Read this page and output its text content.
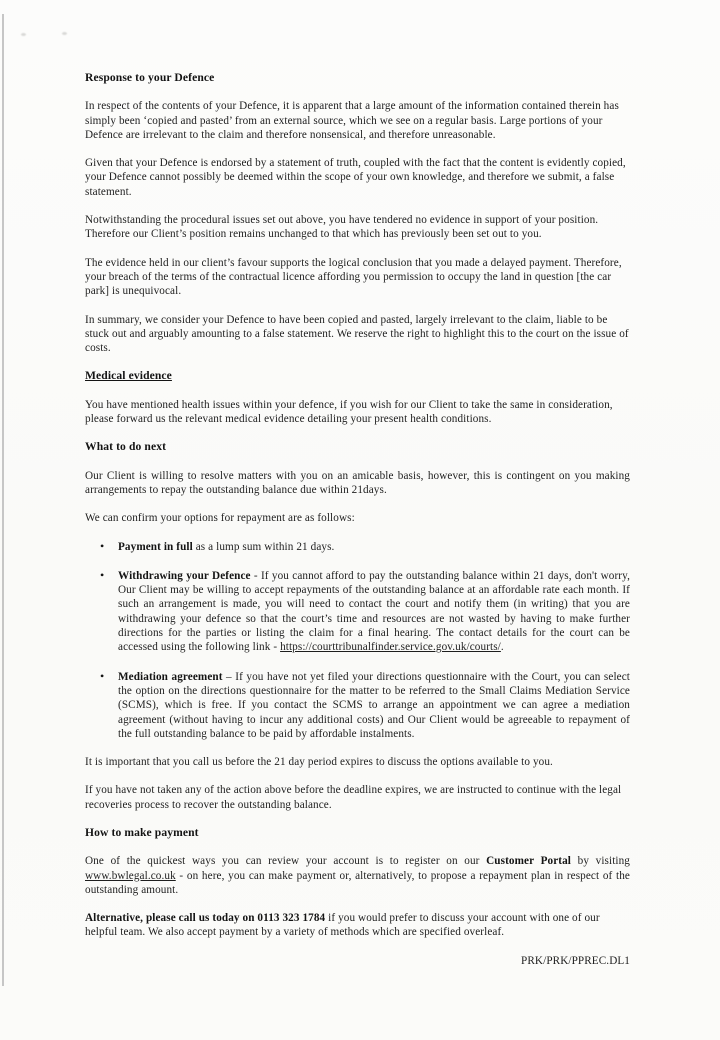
Response to your Defence

In respect of the contents of your Defence, it is apparent that a large amount of the information contained therein has simply been ‘copied and pasted’ from an external source, which we see on a regular basis. Large portions of your Defence are irrelevant to the claim and therefore nonsensical, and therefore unreasonable.

Given that your Defence is endorsed by a statement of truth, coupled with the fact that the content is evidently copied, your Defence cannot possibly be deemed within the scope of your own knowledge, and therefore we submit, a false statement.

Notwithstanding the procedural issues set out above, you have tendered no evidence in support of your position. Therefore our Client’s position remains unchanged to that which has previously been set out to you.

The evidence held in our client’s favour supports the logical conclusion that you made a delayed payment. Therefore, your breach of the terms of the contractual licence affording you permission to occupy the land in question [the car park] is unequivocal.

In summary, we consider your Defence to have been copied and pasted, largely irrelevant to the claim, liable to be stuck out and arguably amounting to a false statement. We reserve the right to highlight this to the court on the issue of costs.

Medical evidence

You have mentioned health issues within your defence, if you wish for our Client to take the same in consideration, please forward us the relevant medical evidence detailing your present health conditions.

What to do next

Our Client is willing to resolve matters with you on an amicable basis, however, this is contingent on you making arrangements to repay the outstanding balance due within 21days.

We can confirm your options for repayment are as follows:

• Payment in full as a lump sum within 21 days.
• Withdrawing your Defence - If you cannot afford to pay the outstanding balance within 21 days, don't worry, Our Client may be willing to accept repayments of the outstanding balance at an affordable rate each month. If such an arrangement is made, you will need to contact the court and notify them (in writing) that you are withdrawing your defence so that the court’s time and resources are not wasted by having to make further directions for the parties or listing the claim for a final hearing. The contact details for the court can be accessed using the following link - https://courttribunalfinder.service.gov.uk/courts/.
• Mediation agreement – If you have not yet filed your directions questionnaire with the Court, you can select the option on the directions questionnaire for the matter to be referred to the Small Claims Mediation Service (SCMS), which is free. If you contact the SCMS to arrange an appointment we can agree a mediation agreement (without having to incur any additional costs) and Our Client would be agreeable to repayment of the full outstanding balance to be paid by affordable instalments.

It is important that you call us before the 21 day period expires to discuss the options available to you.

If you have not taken any of the action above before the deadline expires, we are instructed to continue with the legal recoveries process to recover the outstanding balance.

How to make payment

One of the quickest ways you can review your account is to register on our Customer Portal by visiting www.bwlegal.co.uk - on here, you can make payment or, alternatively, to propose a repayment plan in respect of the outstanding amount.

Alternative, please call us today on 0113 323 1784 if you would prefer to discuss your account with one of our helpful team. We also accept payment by a variety of methods which are specified overleaf.

PRK/PRK/PPREC.DL1
